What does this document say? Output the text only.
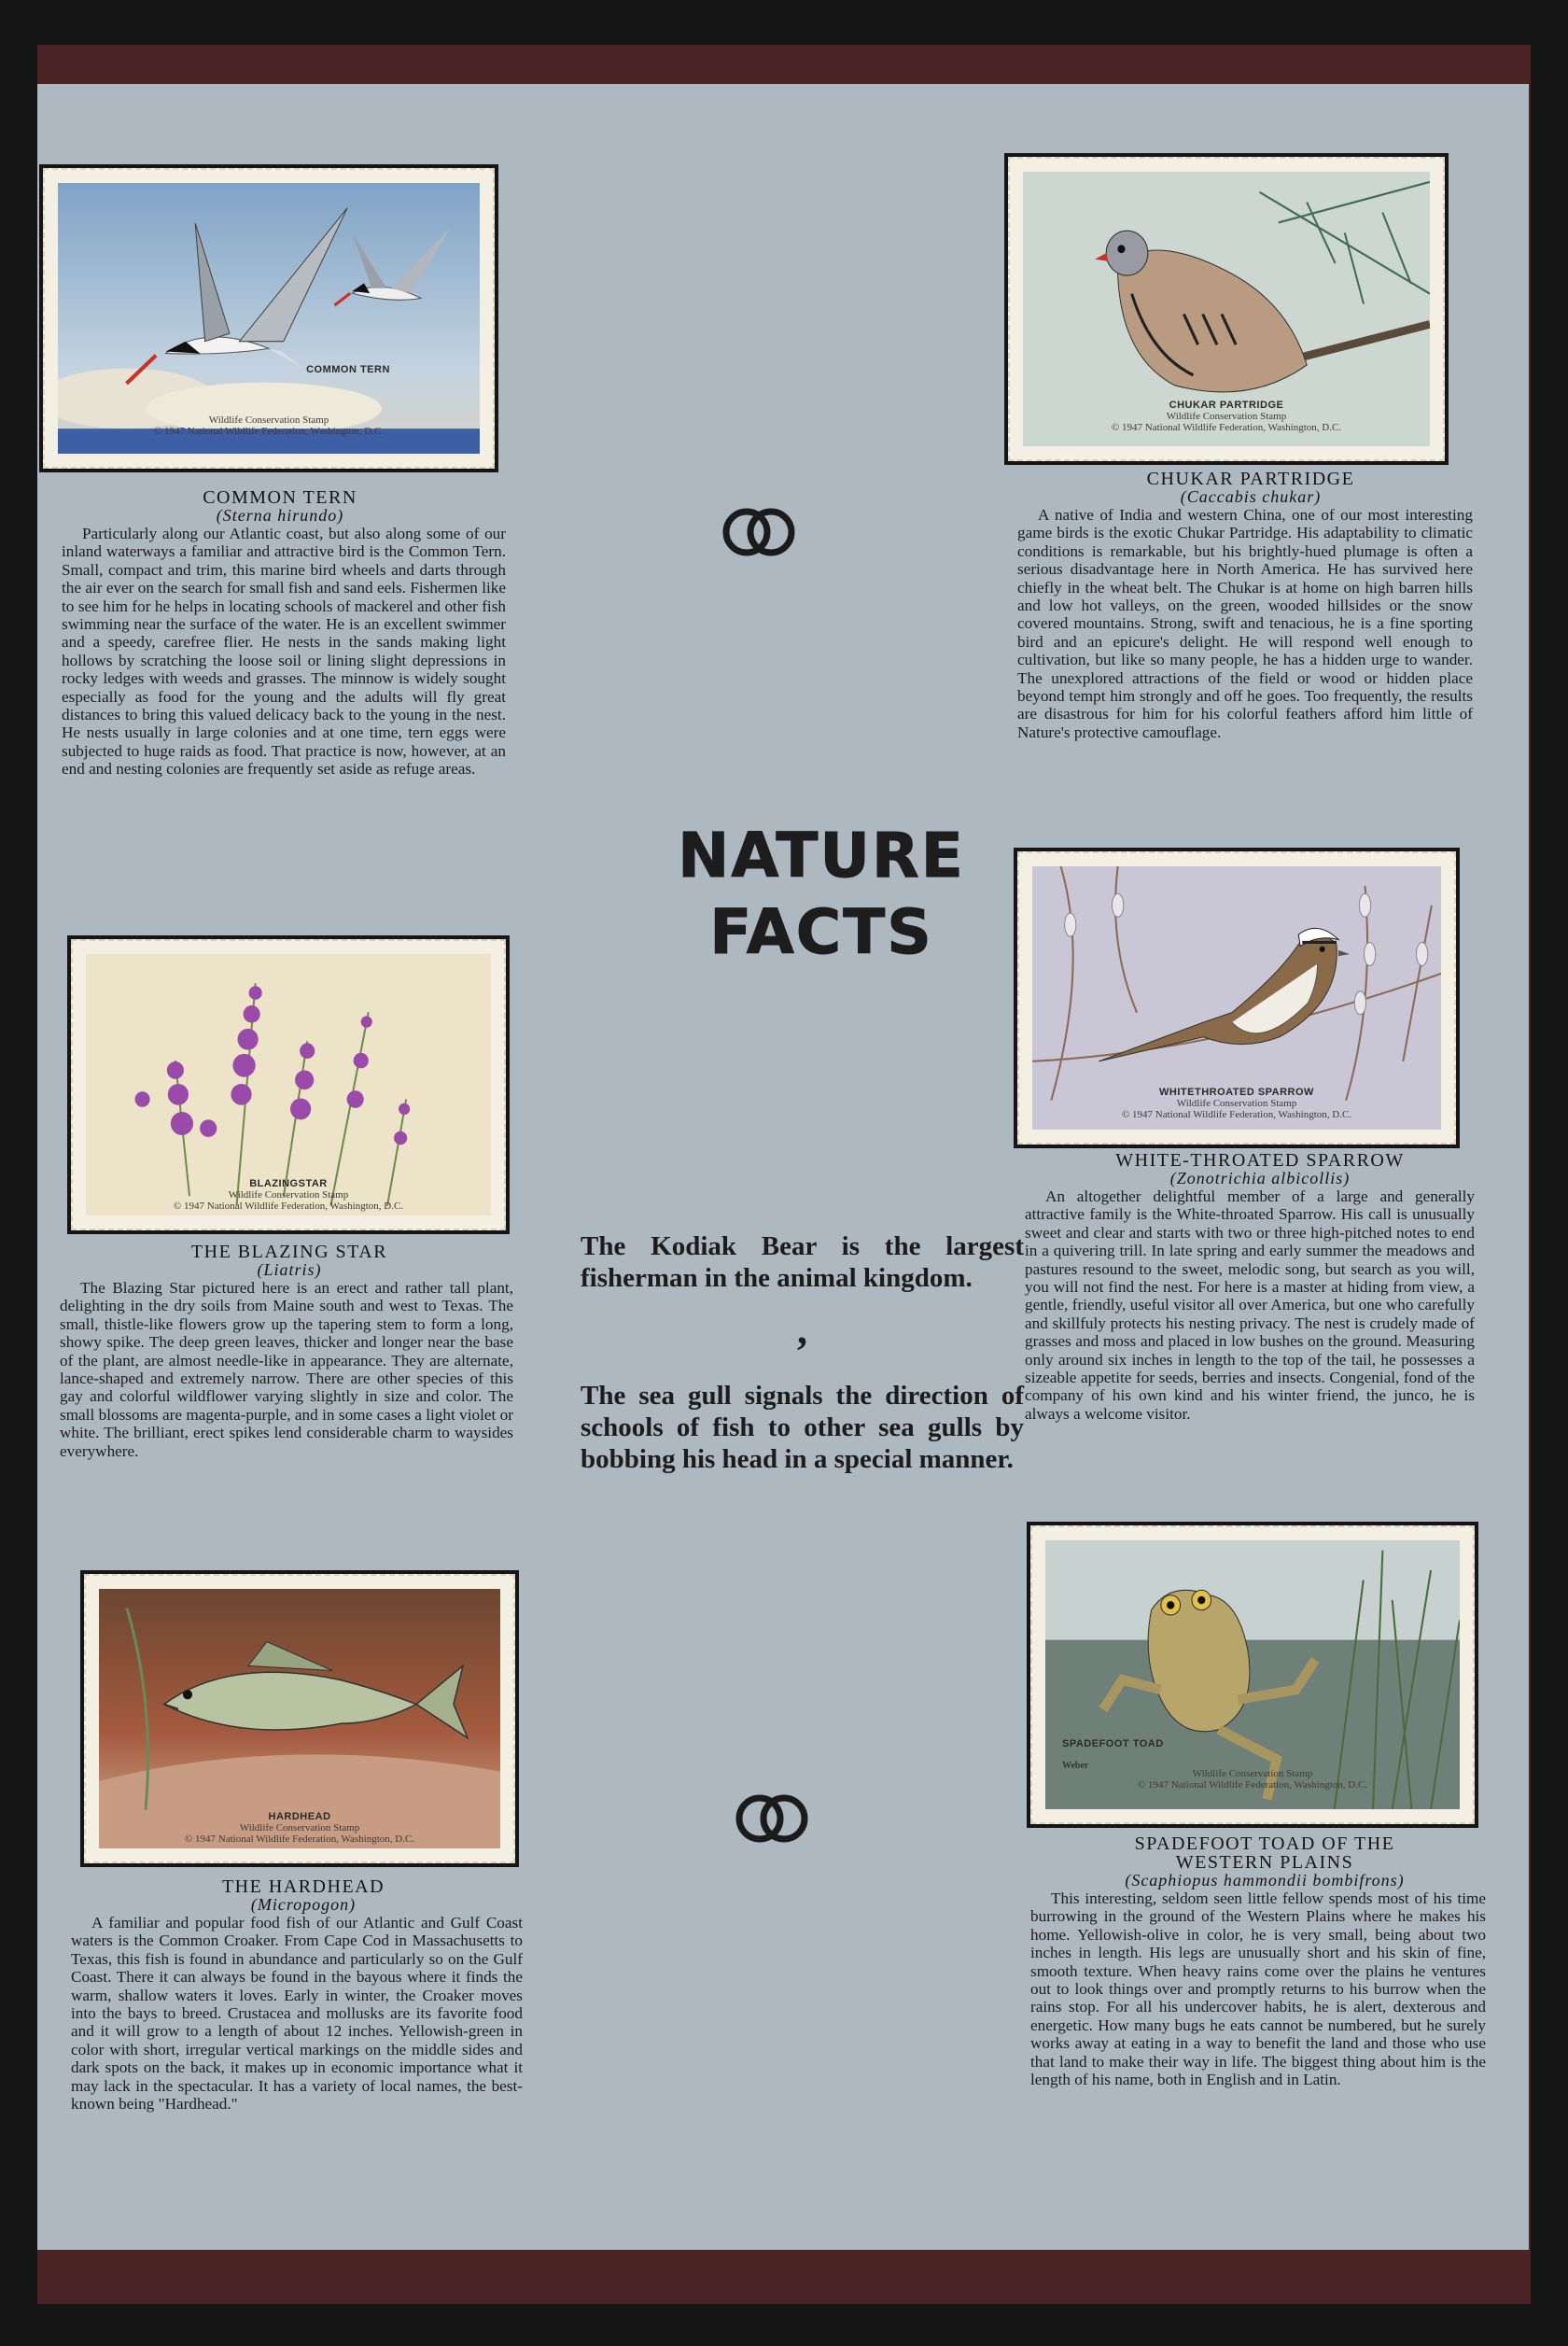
COMMON TERN
Wildlife Conservation Stamp
© 1947 National Wildlife Federation, Washington, D.C.
COMMON TERN
(Sterna hirundo)

Particularly along our Atlantic coast, but also along some of our inland waterways a familiar and attractive bird is the Common Tern. Small, compact and trim, this marine bird wheels and darts through the air ever on the search for small fish and sand eels. Fishermen like to see him for he helps in locating schools of mackerel and other fish swimming near the surface of the water. He is an excellent swimmer and a speedy, carefree flier. He nests in the sands making light hollows by scratching the loose soil or lining slight depressions in rocky ledges with weeds and grasses. The minnow is widely sought especially as food for the young and the adults will fly great distances to bring this valued delicacy back to the young in the nest. He nests usually in large colonies and at one time, tern eggs were subjected to huge raids as food. That practice is now, however, at an end and nesting colonies are frequently set aside as refuge areas.

BLAZINGSTAR
Wildlife Conservation Stamp
© 1947 National Wildlife Federation, Washington, D.C.
THE BLAZING STAR
(Liatris)

The Blazing Star pictured here is an erect and rather tall plant, delighting in the dry soils from Maine south and west to Texas. The small, thistle-like flowers grow up the tapering stem to form a long, showy spike. The deep green leaves, thicker and longer near the base of the plant, are almost needle-like in appearance. They are alternate, lance-shaped and extremely narrow. There are other species of this gay and colorful wildflower varying slightly in size and color. The small blossoms are magenta-purple, and in some cases a light violet or white. The brilliant, erect spikes lend considerable charm to waysides everywhere.

HARDHEAD
Wildlife Conservation Stamp
© 1947 National Wildlife Federation, Washington, D.C.
THE HARDHEAD
(Micropogon)

A familiar and popular food fish of our Atlantic and Gulf Coast waters is the Common Croaker. From Cape Cod in Massachusetts to Texas, this fish is found in abundance and particularly so on the Gulf Coast. There it can always be found in the bayous where it finds the warm, shallow waters it loves. Early in winter, the Croaker moves into the bays to breed. Crustacea and mollusks are its favorite food and it will grow to a length of about 12 inches. Yellowish-green in color with short, irregular vertical markings on the middle sides and dark spots on the back, it makes up in economic importance what it may lack in the spectacular. It has a variety of local names, the best-known being "Hardhead."

NATURE
FACTS

The Kodiak Bear is the largest fisherman in the animal kingdom.

,

The sea gull signals the direction of schools of fish to other sea gulls by bobbing his head in a special manner.

CHUKAR PARTRIDGE
Wildlife Conservation Stamp
© 1947 National Wildlife Federation, Washington, D.C.
CHUKAR PARTRIDGE
(Caccabis chukar)

A native of India and western China, one of our most interesting game birds is the exotic Chukar Partridge. His adaptability to climatic conditions is remarkable, but his brightly-hued plumage is often a serious disadvantage here in North America. He has survived here chiefly in the wheat belt. The Chukar is at home on high barren hills and low hot valleys, on the green, wooded hillsides or the snow covered mountains. Strong, swift and tenacious, he is a fine sporting bird and an epicure's delight. He will respond well enough to cultivation, but like so many people, he has a hidden urge to wander. The unexplored attractions of the field or wood or hidden place beyond tempt him strongly and off he goes. Too frequently, the results are disastrous for him for his colorful feathers afford him little of Nature's protective camouflage.

WHITETHROATED SPARROW
Wildlife Conservation Stamp
© 1947 National Wildlife Federation, Washington, D.C.
WHITE-THROATED SPARROW
(Zonotrichia albicollis)

An altogether delightful member of a large and generally attractive family is the White-throated Sparrow. His call is unusually sweet and clear and starts with two or three high-pitched notes to end in a quivering trill. In late spring and early summer the meadows and pastures resound to the sweet, melodic song, but search as you will, you will not find the nest. For here is a master at hiding from view, a gentle, friendly, useful visitor all over America, but one who carefully and skillfuly protects his nesting privacy. The nest is crudely made of grasses and moss and placed in low bushes on the ground. Measuring only around six inches in length to the top of the tail, he possesses a sizeable appetite for seeds, berries and insects. Congenial, fond of the company of his own kind and his winter friend, the junco, he is always a welcome visitor.

SPADEFOOT TOAD
Weber
Wildlife Conservation Stamp
© 1947 National Wildlife Federation, Washington, D.C.
SPADEFOOT TOAD OF THE
WESTERN PLAINS
(Scaphiopus hammondii bombifrons)

This interesting, seldom seen little fellow spends most of his time burrowing in the ground of the Western Plains where he makes his home. Yellowish-olive in color, he is very small, being about two inches in length. His legs are unusually short and his skin of fine, smooth texture. When heavy rains come over the plains he ventures out to look things over and promptly returns to his burrow when the rains stop. For all his undercover habits, he is alert, dexterous and energetic. How many bugs he eats cannot be numbered, but he surely works away at eating in a way to benefit the land and those who use that land to make their way in life. The biggest thing about him is the length of his name, both in English and in Latin.
